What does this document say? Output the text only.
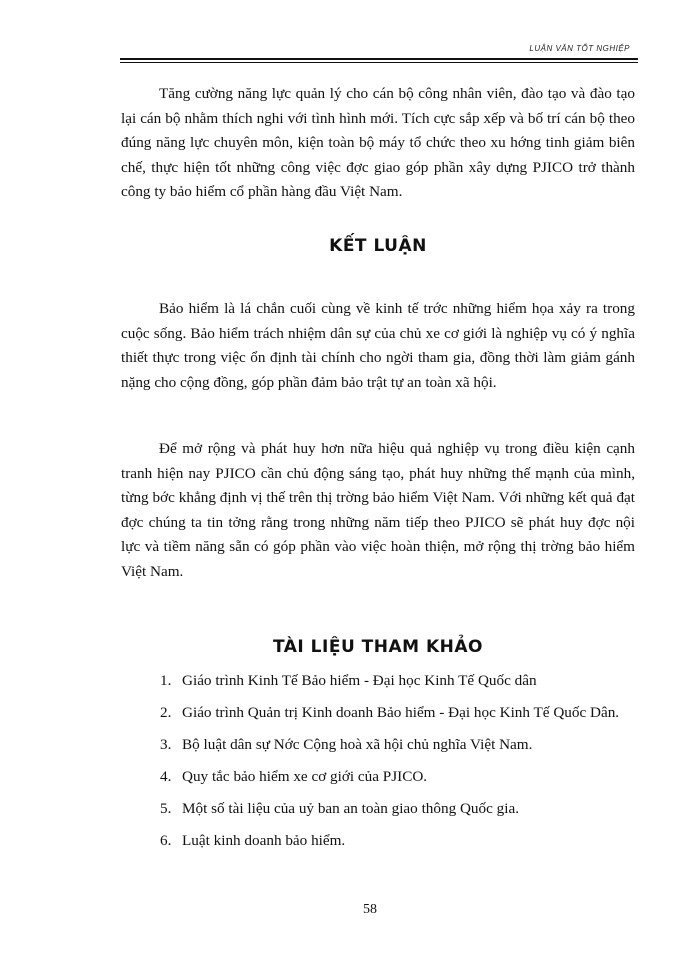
LUẬN VĂN TỐT NGHIỆP

Tăng cường năng lực quản lý cho cán bộ công nhân viên, đào tạo và đào tạo lại cán bộ nhằm thích nghi với tình hình mới. Tích cực sắp xếp và bố trí cán bộ theo đúng năng lực chuyên môn, kiện toàn bộ máy tổ chức theo xu hớng tinh giảm biên chế, thực hiện tốt những công việc đợc giao góp phần xây dựng PJICO trở thành công ty bảo hiểm cổ phần hàng đầu Việt Nam.

KẾT LUẬN

Bảo hiểm là lá chắn cuối cùng về kinh tế trớc những hiểm họa xảy ra trong cuộc sống. Bảo hiểm trách nhiệm dân sự của chủ xe cơ giới là nghiệp vụ có ý nghĩa thiết thực trong việc ổn định tài chính cho ngời tham gia, đồng thời làm giảm gánh nặng cho cộng đồng, góp phần đảm bảo trật tự an toàn xã hội.

Để mở rộng và phát huy hơn nữa hiệu quả nghiệp vụ trong điều kiện cạnh tranh hiện nay PJICO cần chủ động sáng tạo, phát huy những thế mạnh của mình, từng bớc khẳng định vị thế trên thị trờng bảo hiểm Việt Nam. Với những kết quả đạt đợc chúng ta tin tởng rằng trong những năm tiếp theo PJICO sẽ phát huy đợc nội lực và tiềm năng sẵn có góp phần vào việc hoàn thiện, mở rộng thị trờng bảo hiểm Việt Nam.

TÀI LIỆU THAM KHẢO
1. Giáo trình Kinh Tế Bảo hiểm - Đại học Kinh Tế Quốc dân
2. Giáo trình Quản trị Kinh doanh Bảo hiểm - Đại học Kinh Tế Quốc Dân.
3. Bộ luật dân sự Nớc Cộng hoà xã hội chủ nghĩa Việt Nam.
4. Quy tắc bảo hiểm xe cơ giới của PJICO.
5. Một số tài liệu của uỷ ban an toàn giao thông Quốc gia.
6. Luật kinh doanh bảo hiểm.
58
